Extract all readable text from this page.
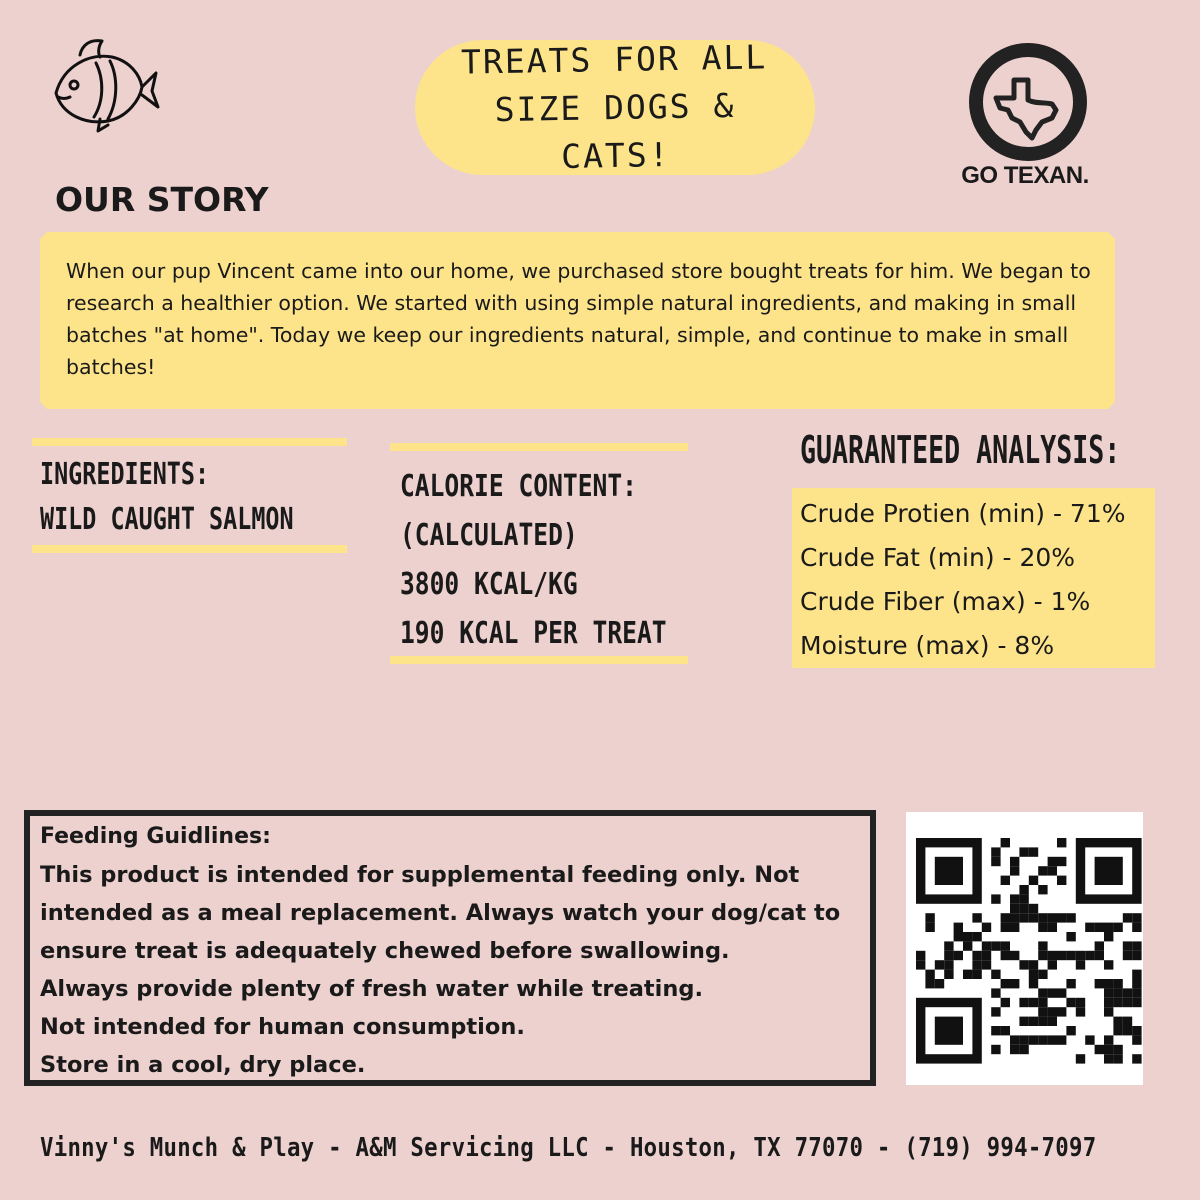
TREATS FOR ALL SIZE DOGS & CATS!
GO TEXAN.
OUR STORY
When our pup Vincent came into our home, we purchased store bought treats for him. We began to research a healthier option. We started with using simple natural ingredients, and making in small batches "at home". Today we keep our ingredients natural, simple, and continue to make in small batches!
INGREDIENTS:
WILD CAUGHT SALMON
CALORIE CONTENT:
(CALCULATED)
3800 KCAL/KG
190 KCAL PER TREAT
GUARANTEED ANALYSIS:
Crude Protien (min) - 71%
Crude Fat (min) - 20%
Crude Fiber (max) - 1%
Moisture (max) - 8%
Feeding Guidlines:
This product is intended for supplemental feeding only. Not intended as a meal replacement. Always watch your dog/cat to ensure treat is adequately chewed before swallowing.
Always provide plenty of fresh water while treating.
Not intended for human consumption.
Store in a cool, dry place.
Vinny's Munch & Play - A&M Servicing LLC - Houston, TX 77070 - (719) 994-7097
